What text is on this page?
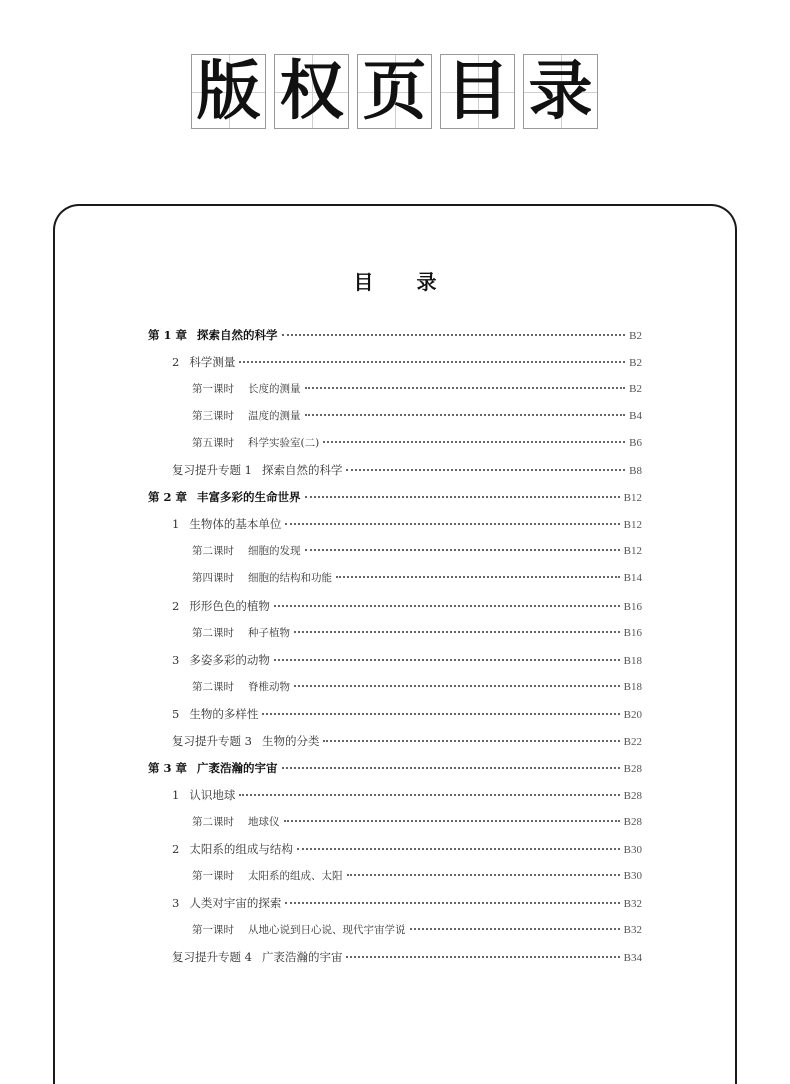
版 权 页 目 录
目 录
第 1 章 探索自然的科学	B2
2 科学测量	B2
第一课时 长度的测量	B2
第三课时 温度的测量	B4
第五课时 科学实验室(二)	B6
复习提升专题 1 探索自然的科学	B8
第 2 章 丰富多彩的生命世界	B12
1 生物体的基本单位	B12
第二课时 细胞的发现	B12
第四课时 细胞的结构和功能	B14
2 形形色色的植物	B16
第二课时 种子植物	B16
3 多姿多彩的动物	B18
第二课时 脊椎动物	B18
5 生物的多样性	B20
复习提升专题 3 生物的分类	B22
第 3 章 广袤浩瀚的宇宙	B28
1 认识地球	B28
第二课时 地球仪	B28
2 太阳系的组成与结构	B30
第一课时 太阳系的组成、太阳	B30
3 人类对宇宙的探索	B32
第一课时 从地心说到日心说、现代宇宙学说	B32
复习提升专题 4 广袤浩瀚的宇宙	B34
